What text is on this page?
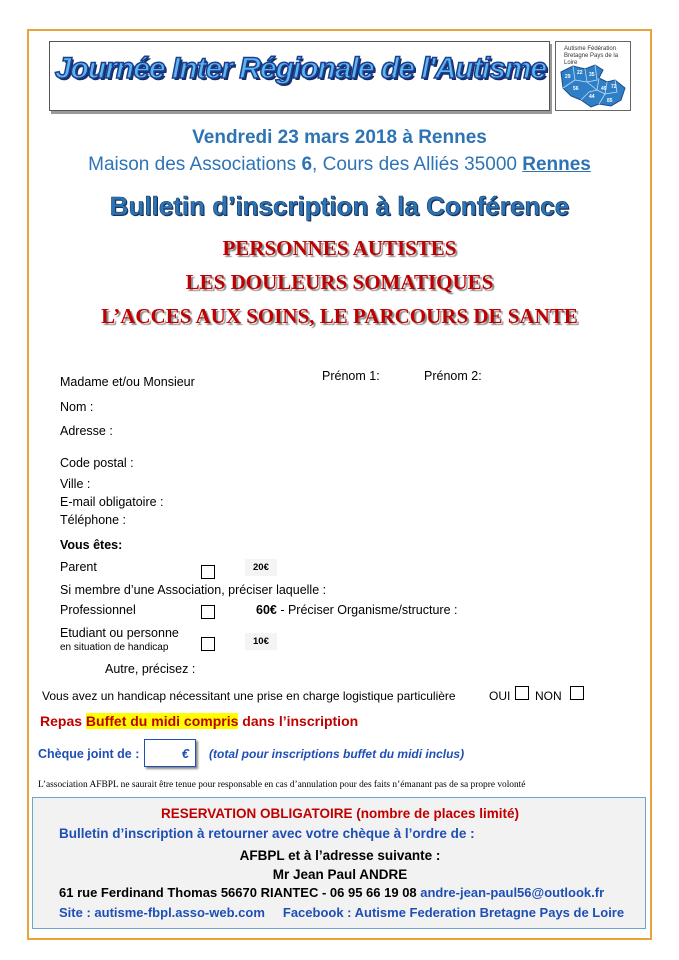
Journée Inter Régionale de l'Autisme
Autisme Fédération Bretagne Pays de la Loire
29
22 35
56
44
49
53
72
85
Vendredi 23 mars 2018 à Rennes
Maison des Associations 6, Cours des Alliés 35000 Rennes
Bulletin d’inscription à la Conférence
PERSONNES AUTISTES
LES DOULEURS SOMATIQUES
L’ACCES AUX SOINS, LE PARCOURS DE SANTE
Madame et/ou Monsieur	Prénom 1:	Prénom 2:
Nom :
Adresse :
Code postal :
Ville :
E-mail obligatoire :
Téléphone :
Vous êtes:
Parent	20€
Si membre d’une Association, préciser laquelle :
Professionnel	60€ - Préciser Organisme/structure :
Etudiant ou personne
en situation de handicap
10€
Autre, précisez :
Vous avez un handicap nécessitant une prise en charge logistique particulière	OUI NON
Repas Buffet du midi compris dans l’inscription
Chèque joint de :	€ (total pour inscriptions buffet du midi inclus)
L’association AFBPL ne saurait être tenue pour responsable en cas d’annulation pour des faits n’émanant pas de sa propre volonté
RESERVATION OBLIGATOIRE (nombre de places limité)
Bulletin d’inscription à retourner avec votre chèque à l’ordre de :
AFBPL et à l’adresse suivante :
Mr Jean Paul ANDRE
61 rue Ferdinand Thomas 56670 RIANTEC - 06 95 66 19 08 andre-jean-paul56@outlook.fr
Site : autisme-fbpl.asso-web.com Facebook : Autisme Federation Bretagne Pays de Loire
